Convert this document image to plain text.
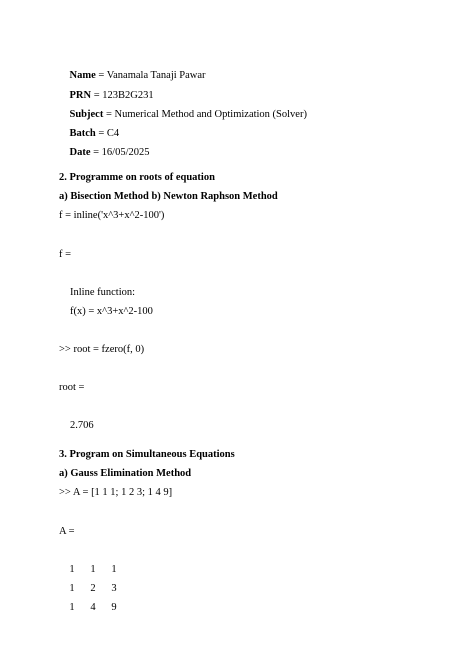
Name = Vanamala Tanaji Pawar

PRN = 123B2G231

Subject = Numerical Method and Optimization (Solver)

Batch = C4

Date = 16/05/2025

2. Programme on roots of equation
a) Bisection Method b) Newton Raphson Method
f = inline('x^3+x^2-100')
f =
Inline function:
f(x) = x^3+x^2-100
>> root = fzero(f, 0)
root =
2.706
3. Program on Simultaneous Equations
a) Gauss Elimination Method
>> A = [1 1 1; 1 2 3; 1 4 9]
A =
1	1	1
1	2	3
1	4	9
